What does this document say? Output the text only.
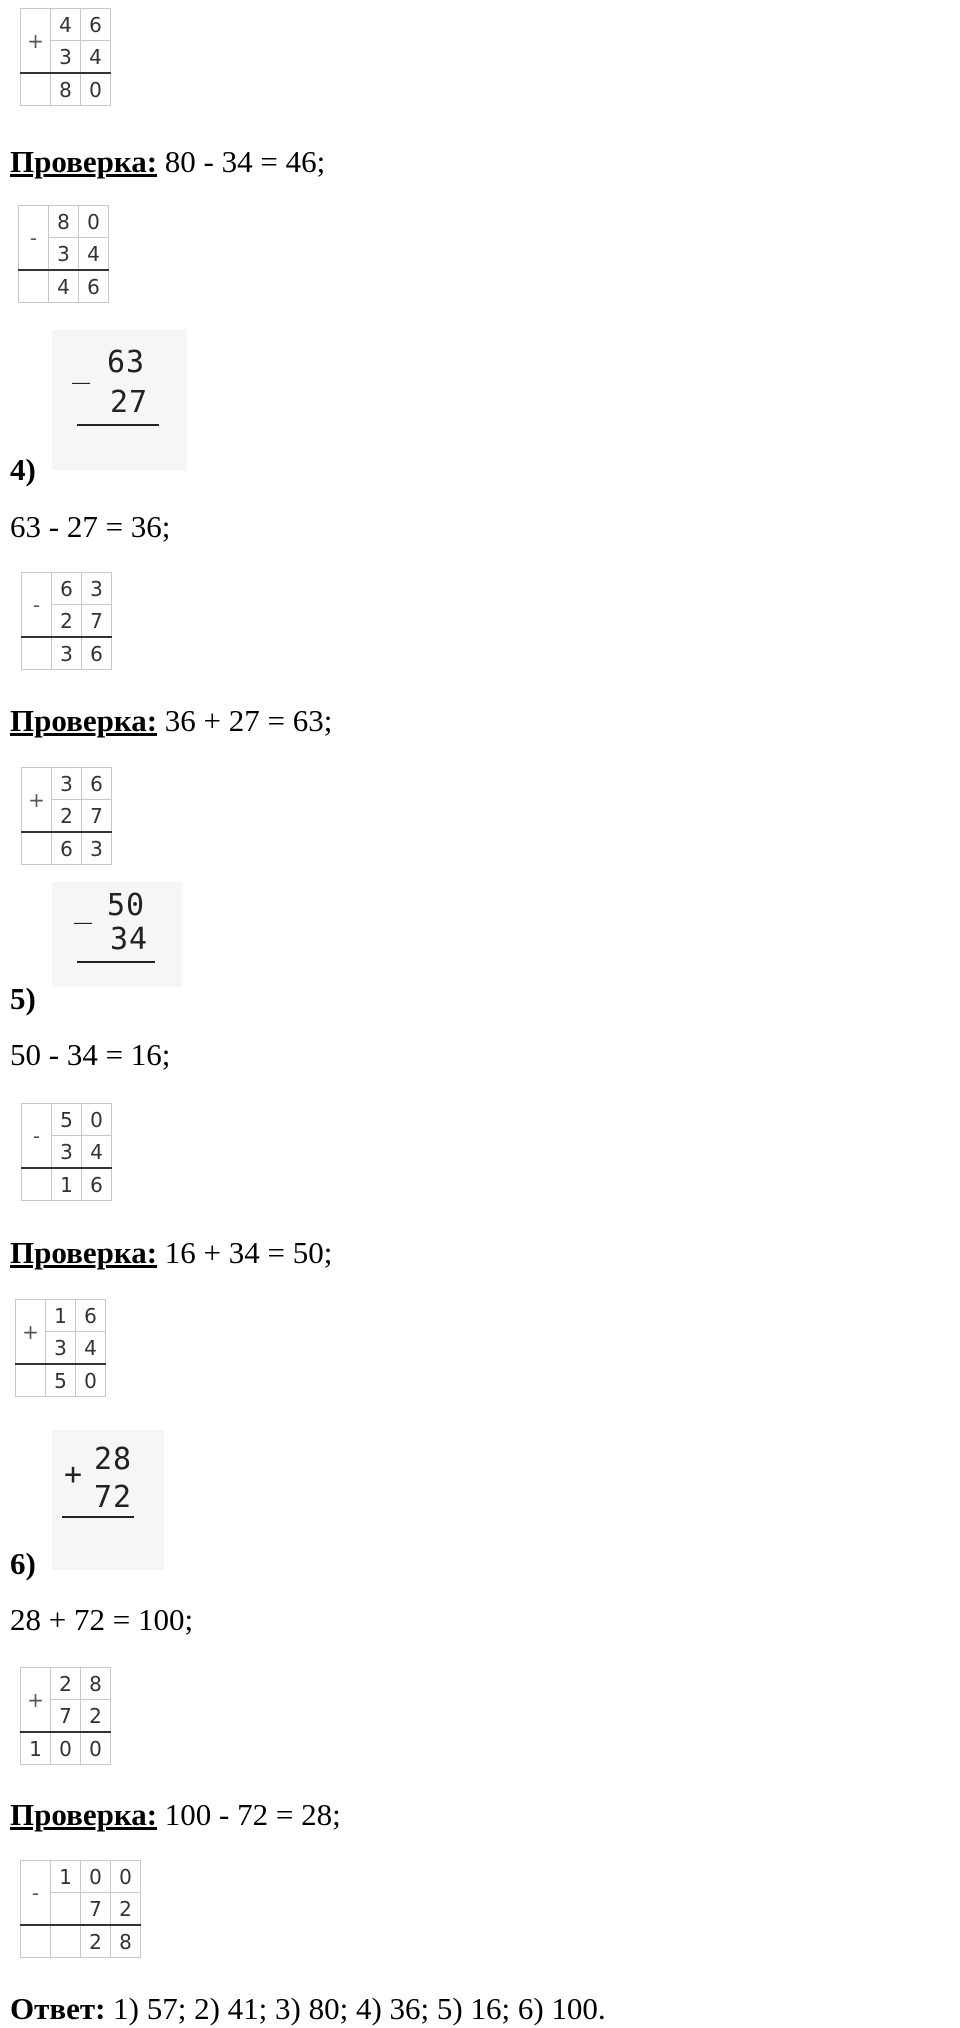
+	4	6
	3	4
	8	0
Проверка: 80 - 34 = 46;
-	8	0
	3	4
	4	6
_ 63
27
4)
63 - 27 = 36;
-	6	3
	2	7
	3	6
Проверка: 36 + 27 = 63;
+	3	6
	2	7
	6	3
_ 50
34
5)
50 - 34 = 16;
-	5	0
	3	4
	1	6
Проверка: 16 + 34 = 50;
+	1	6
	3	4
	5	0
+ 28
72
6)
28 + 72 = 100;
+	2	8
	7	2
1	0	0
Проверка: 100 - 72 = 28;
-	1	0	0
		7	2
		2	8
Ответ: 1) 57; 2) 41; 3) 80; 4) 36; 5) 16; 6) 100.
